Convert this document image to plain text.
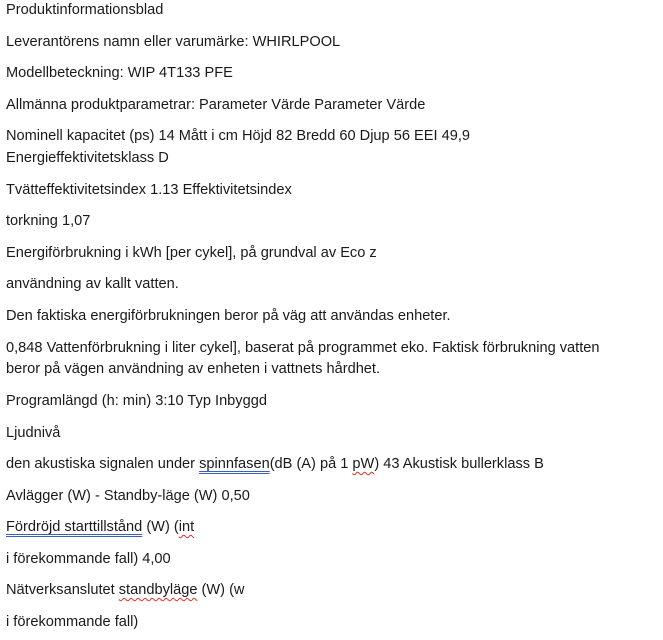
Produktinformationsblad

Leverantörens namn eller varumärke: WHIRLPOOL

Modellbeteckning: WIP 4T133 PFE

Allmänna produktparametrar: Parameter Värde Parameter Värde

Nominell kapacitet (ps) 14 Mått i cm Höjd 82 Bredd 60 Djup 56 EEI 49,9

Energieffektivitetsklass D

Tvätteffektivitetsindex 1.13 Effektivitetsindex

torkning 1,07

Energiförbrukning i kWh [per cykel], på grundval av Eco z

användning av kallt vatten.

Den faktiska energiförbrukningen beror på väg att användas enheter.

0,848 Vattenförbrukning i liter cykel], baserat på programmet eko. Faktisk förbrukning vatten

beror på vägen användning av enheten i vattnets hårdhet.

Programlängd (h: min) 3:10 Typ Inbyggd

Ljudnivå

den akustiska signalen under spinnfasen(dB (A) på 1 pW) 43 Akustisk bullerklass B

Avlägger (W) - Standby-läge (W) 0,50

Fördröjd starttillstånd (W) (int

i förekommande fall) 4,00

Nätverksanslutet standbyläge (W) (w

i förekommande fall)
